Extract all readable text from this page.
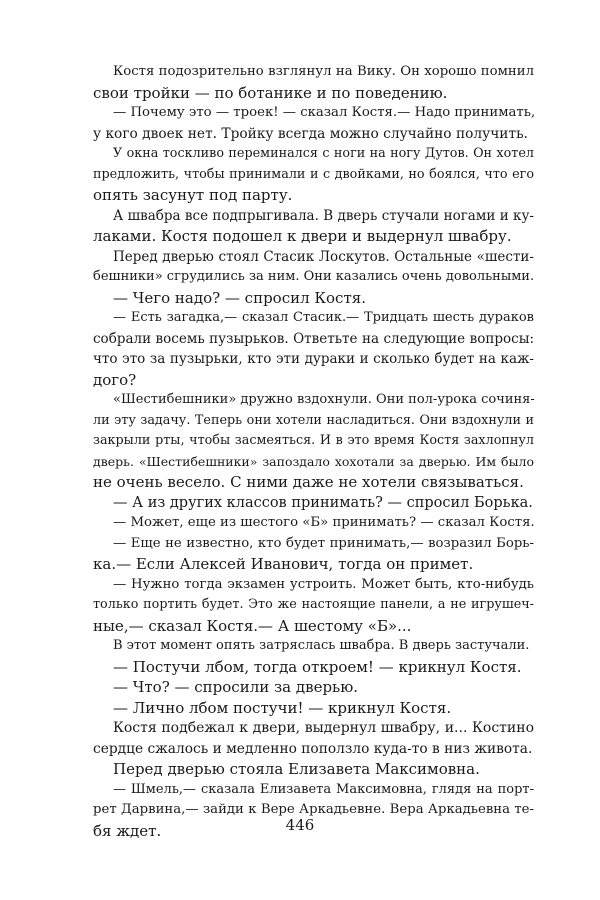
Костя подозрительно взглянул на Вику. Он хорошо помнил
свои тройки — по ботанике и по поведению.
— Почему это — троек! — сказал Костя.— Надо принимать,
у кого двоек нет. Тройку всегда можно случайно получить.
У окна тоскливо переминался с ноги на ногу Дутов. Он хотел
предложить, чтобы принимали и с двойками, но боялся, что его
опять засунут под парту.
А швабра все подпрыгивала. В дверь стучали ногами и ку-
лаками. Костя подошел к двери и выдернул швабру.
Перед дверью стоял Стасик Лоскутов. Остальные «шести-
бешники» сгрудились за ним. Они казались очень довольными.
— Чего надо? — спросил Костя.
— Есть загадка,— сказал Стасик.— Тридцать шесть дураков
собрали восемь пузырьков. Ответьте на следующие вопросы:
что это за пузырьки, кто эти дураки и сколько будет на каж-
дого?
«Шестибешники» дружно вздохнули. Они пол-урока сочиня-
ли эту задачу. Теперь они хотели насладиться. Они вздохнули и
закрыли рты, чтобы засмеяться. И в это время Костя захлопнул
дверь. «Шестибешники» запоздало хохотали за дверью. Им было
не очень весело. С ними даже не хотели связываться.
— А из других классов принимать? — спросил Борька.
— Может, еще из шестого «Б» принимать? — сказал Костя.
— Еще не известно, кто будет принимать,— возразил Борь-
ка.— Если Алексей Иванович, тогда он примет.
— Нужно тогда экзамен устроить. Может быть, кто-нибудь
только портить будет. Это же настоящие панели, а не игрушеч-
ные,— сказал Костя.— А шестому «Б»...
В этот момент опять затряслась швабра. В дверь застучали.
— Постучи лбом, тогда откроем! — крикнул Костя.
— Что? — спросили за дверью.
— Лично лбом постучи! — крикнул Костя.
Костя подбежал к двери, выдернул швабру, и... Костино
сердце сжалось и медленно поползло куда-то в низ живота.
Перед дверью стояла Елизавета Максимовна.
— Шмель,— сказала Елизавета Максимовна, глядя на порт-
рет Дарвина,— зайди к Вере Аркадьевне. Вера Аркадьевна те-
бя ждет.	446
